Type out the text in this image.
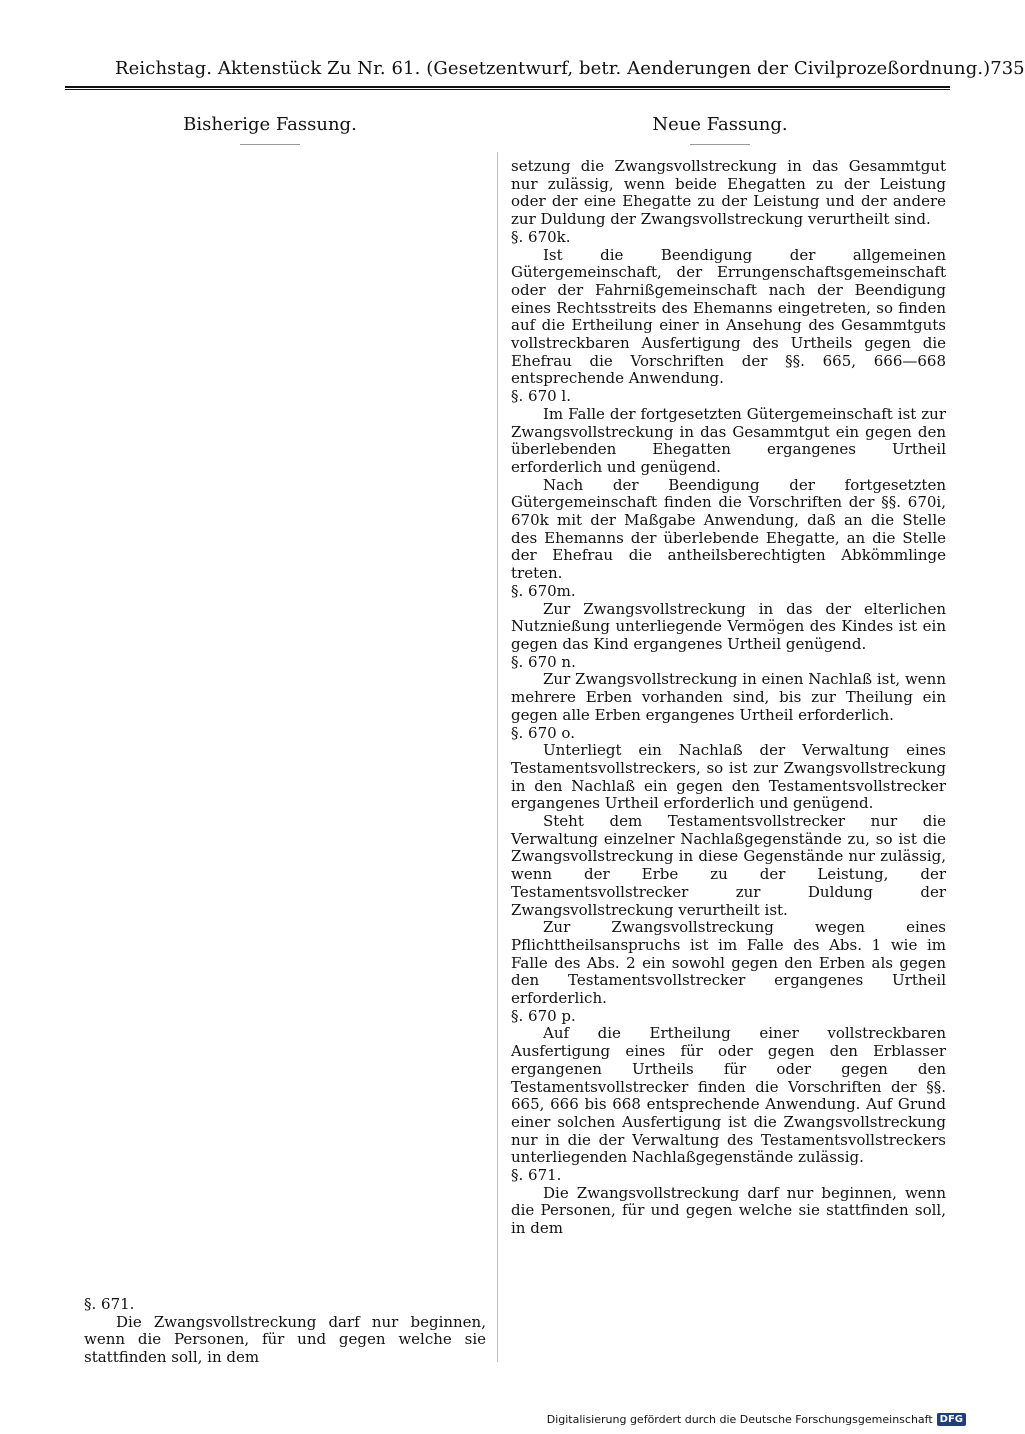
Reichstag. Aktenstück Zu Nr. 61. (Gesetzentwurf, betr. Aenderungen der Civilprozeßordnung.) 735
Bisherige Fassung.	Neue Fassung.

setzung die Zwangsvollstreckung in das Gesammtgut nur zulässig, wenn beide Ehegatten zu der Leistung oder der eine Ehegatte zu der Leistung und der andere zur Duldung der Zwangsvollstreckung verurtheilt sind.

§. 670k.

Ist die Beendigung der allgemeinen Gütergemeinschaft, der Errungenschaftsgemeinschaft oder der Fahrnißgemeinschaft nach der Beendigung eines Rechtsstreits des Ehemanns eingetreten, so finden auf die Ertheilung einer in Ansehung des Gesammtguts vollstreckbaren Ausfertigung des Urtheils gegen die Ehefrau die Vorschriften der §§. 665, 666—668 entsprechende Anwendung.

§. 670 l.

Im Falle der fortgesetzten Gütergemeinschaft ist zur Zwangsvollstreckung in das Gesammtgut ein gegen den überlebenden Ehegatten ergangenes Urtheil erforderlich und genügend.

Nach der Beendigung der fortgesetzten Gütergemeinschaft finden die Vorschriften der §§. 670i, 670k mit der Maßgabe Anwendung, daß an die Stelle des Ehemanns der überlebende Ehegatte, an die Stelle der Ehefrau die antheilsberechtigten Abkömmlinge treten.

§. 670m.

Zur Zwangsvollstreckung in das der elterlichen Nutznießung unterliegende Vermögen des Kindes ist ein gegen das Kind ergangenes Urtheil genügend.

§. 670 n.

Zur Zwangsvollstreckung in einen Nachlaß ist, wenn mehrere Erben vorhanden sind, bis zur Theilung ein gegen alle Erben ergangenes Urtheil erforderlich.

§. 670 o.

Unterliegt ein Nachlaß der Verwaltung eines Testamentsvollstreckers, so ist zur Zwangsvollstreckung in den Nachlaß ein gegen den Testamentsvollstrecker ergangenes Urtheil erforderlich und genügend.

Steht dem Testamentsvollstrecker nur die Verwaltung einzelner Nachlaßgegenstände zu, so ist die Zwangsvollstreckung in diese Gegenstände nur zulässig, wenn der Erbe zu der Leistung, der Testamentsvollstrecker zur Duldung der Zwangsvollstreckung verurtheilt ist.

Zur Zwangsvollstreckung wegen eines Pflichttheilsanspruchs ist im Falle des Abs. 1 wie im Falle des Abs. 2 ein sowohl gegen den Erben als gegen den Testamentsvollstrecker ergangenes Urtheil erforderlich.

§. 670 p.

Auf die Ertheilung einer vollstreckbaren Ausfertigung eines für oder gegen den Erblasser ergangenen Urtheils für oder gegen den Testamentsvollstrecker finden die Vorschriften der §§. 665, 666 bis 668 entsprechende Anwendung. Auf Grund einer solchen Ausfertigung ist die Zwangsvollstreckung nur in die der Verwaltung des Testamentsvollstreckers unterliegenden Nachlaßgegenstände zulässig.

§. 671.

Die Zwangsvollstreckung darf nur beginnen, wenn die Personen, für und gegen welche sie stattfinden soll, in dem

§. 671.

Die Zwangsvollstreckung darf nur beginnen, wenn die Personen, für und gegen welche sie stattfinden soll, in dem

Digitalisierung gefördert durch die Deutsche Forschungsgemeinschaft DFG
